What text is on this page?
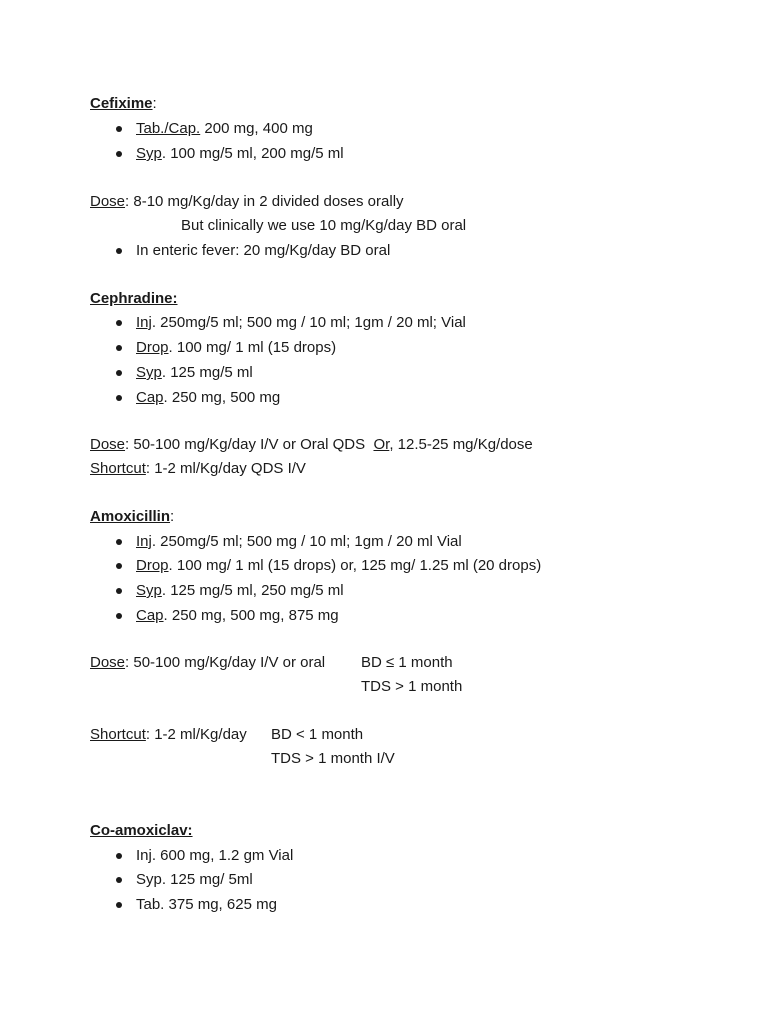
Cefixime:
Tab./Cap. 200 mg, 400 mg
Syp. 100 mg/5 ml, 200 mg/5 ml
Dose: 8-10 mg/Kg/day in 2 divided doses orally
But clinically we use 10 mg/Kg/day BD oral
In enteric fever: 20 mg/Kg/day BD oral
Cephradine:
Inj. 250mg/5 ml; 500 mg / 10 ml; 1gm / 20 ml; Vial
Drop. 100 mg/ 1 ml (15 drops)
Syp. 125 mg/5 ml
Cap. 250 mg, 500 mg
Dose: 50-100 mg/Kg/day I/V or Oral QDS  Or, 12.5-25 mg/Kg/dose
Shortcut: 1-2 ml/Kg/day QDS I/V
Amoxicillin:
Inj. 250mg/5 ml; 500 mg / 10 ml; 1gm / 20 ml Vial
Drop. 100 mg/ 1 ml (15 drops) or, 125 mg/ 1.25 ml (20 drops)
Syp. 125 mg/5 ml, 250 mg/5 ml
Cap. 250 mg, 500 mg, 875 mg
Dose: 50-100 mg/Kg/day I/V or oral BD ≤ 1 month
TDS > 1 month
Shortcut: 1-2 ml/Kg/day BD < 1 month
TDS > 1 month I/V
Co-amoxiclav:
Inj. 600 mg, 1.2 gm Vial
Syp. 125 mg/ 5ml
Tab. 375 mg, 625 mg
